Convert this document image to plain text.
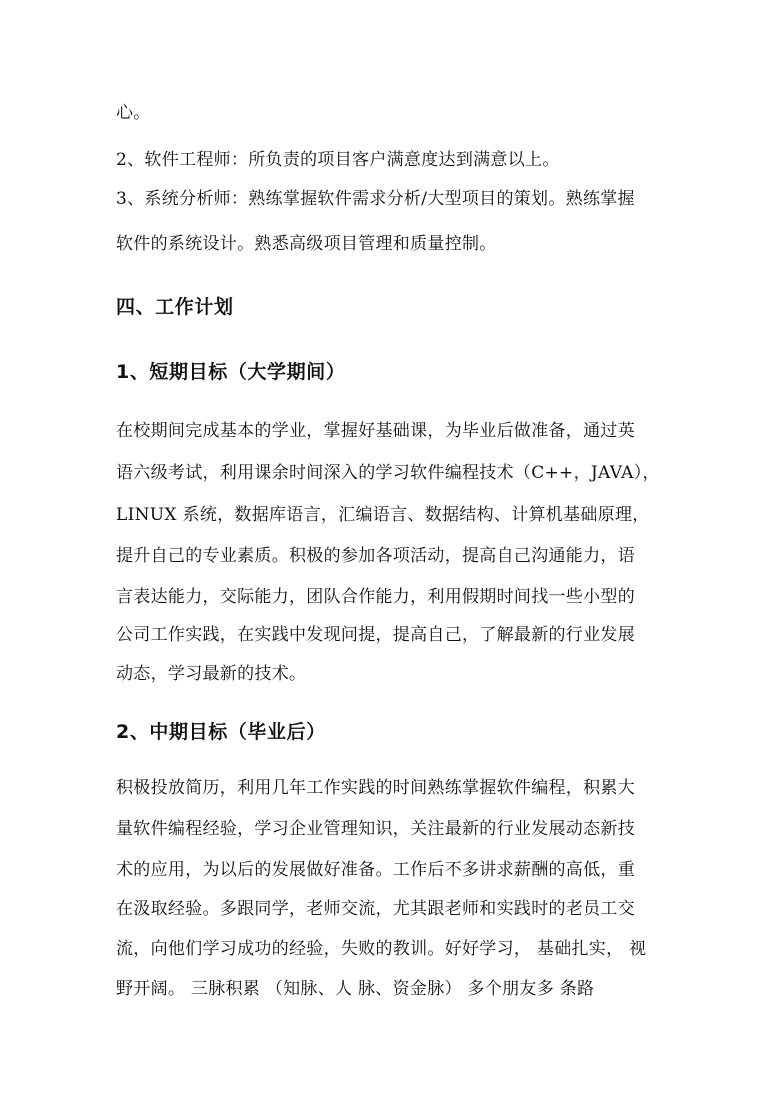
心。
2、软件工程师：所负责的项目客户满意度达到满意以上。
3、系统分析师：熟练掌握软件需求分析/大型项目的策划。熟练掌握
软件的系统设计。熟悉高级项目管理和质量控制。
四、工作计划
1、短期目标（大学期间）
在校期间完成基本的学业，掌握好基础课，为毕业后做准备，通过英
语六级考试，利用课余时间深入的学习软件编程技术（C++，JAVA），
LINUX 系统，数据库语言，汇编语言、数据结构、计算机基础原理，
提升自己的专业素质。积极的参加各项活动，提高自己沟通能力，语
言表达能力，交际能力，团队合作能力，利用假期时间找一些小型的
公司工作实践，在实践中发现问提，提高自己，了解最新的行业发展
动态，学习最新的技术。
2、中期目标（毕业后）
积极投放简历，利用几年工作实践的时间熟练掌握软件编程，积累大
量软件编程经验，学习企业管理知识，关注最新的行业发展动态新技
术的应用，为以后的发展做好准备。工作后不多讲求薪酬的高低，重
在汲取经验。多跟同学，老师交流，尤其跟老师和实践时的老员工交
流，向他们学习成功的经验，失败的教训。好好学习， 基础扎实， 视
野开阔。 三脉积累 （知脉、人 脉、资金脉） 多个朋友多 条路
